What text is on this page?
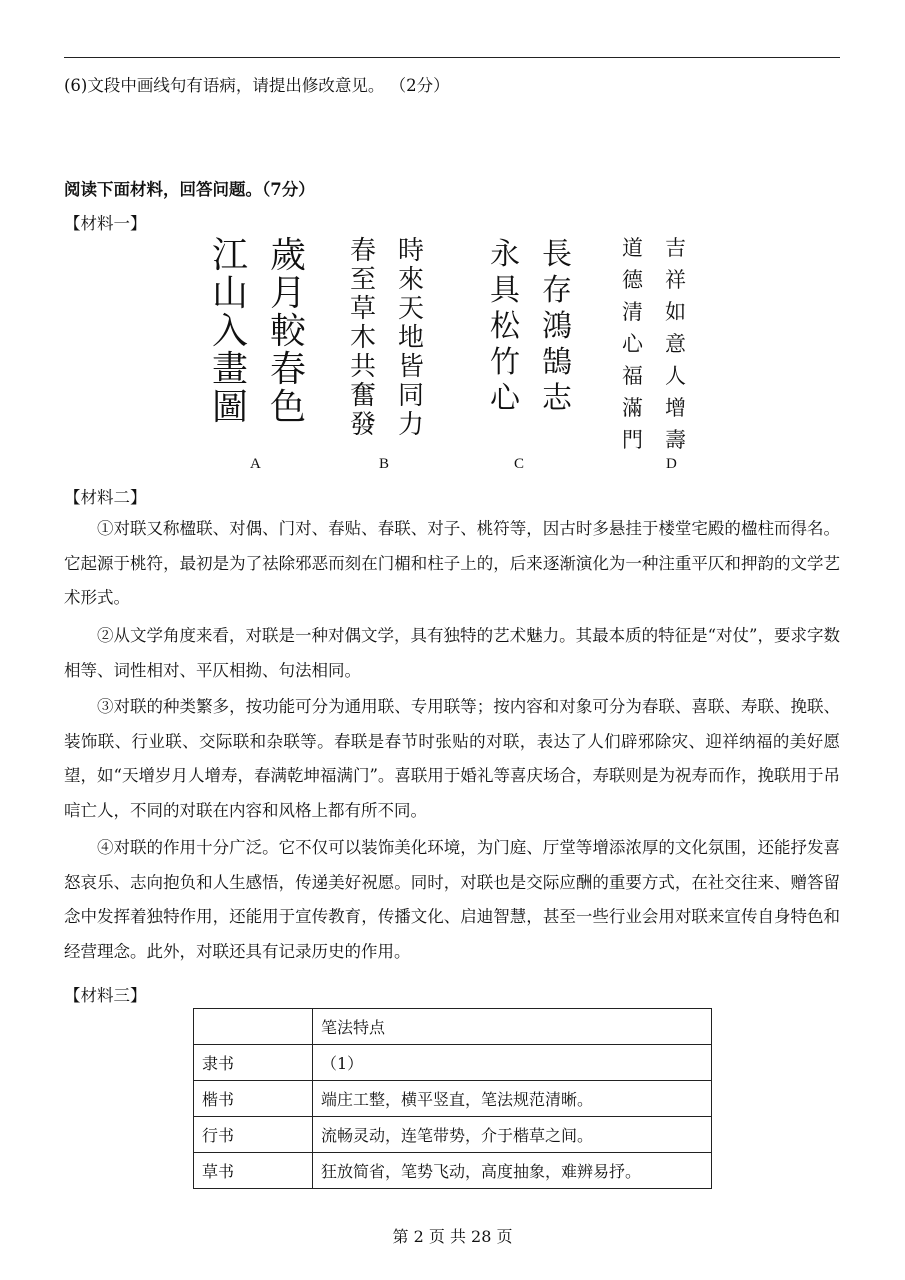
(6)文段中画线句有语病，请提出修改意见。 （2分）
阅读下面材料，回答问题。（7分）
【材料一】
歲
月
較
春
色
江
山
入
畫
圖
時
來
天
地
皆
同
力
春
至
草
木
共
奮
發
長
存
鴻
鵠
志
永
具
松
竹
心
吉
祥
如
意
人
增
壽
道
德
清
心
福
滿
門
A	B	C	D
【材料二】
①对联又称楹联、对偶、门对、春贴、春联、对子、桃符等，因古时多悬挂于楼堂宅殿的楹柱而得名。它起源于桃符，最初是为了祛除邪恶而刻在门楣和柱子上的，后来逐渐演化为一种注重平仄和押韵的文学艺术形式。
②从文学角度来看，对联是一种对偶文学，具有独特的艺术魅力。其最本质的特征是“对仗”，要求字数相等、词性相对、平仄相拗、句法相同。
③对联的种类繁多，按功能可分为通用联、专用联等；按内容和对象可分为春联、喜联、寿联、挽联、装饰联、行业联、交际联和杂联等。春联是春节时张贴的对联，表达了人们辟邪除灾、迎祥纳福的美好愿望，如“天增岁月人增寿，春满乾坤福满门”。喜联用于婚礼等喜庆场合，寿联则是为祝寿而作，挽联用于吊唁亡人，不同的对联在内容和风格上都有所不同。
④对联的作用十分广泛。它不仅可以装饰美化环境，为门庭、厅堂等增添浓厚的文化氛围，还能抒发喜怒哀乐、志向抱负和人生感悟，传递美好祝愿。同时，对联也是交际应酬的重要方式，在社交往来、赠答留念中发挥着独特作用，还能用于宣传教育，传播文化、启迪智慧，甚至一些行业会用对联来宣传自身特色和经营理念。此外，对联还具有记录历史的作用。
【材料三】
	笔法特点
隶书	（1）
楷书	端庄工整，横平竖直，笔法规范清晰。
行书	流畅灵动，连笔带势，介于楷草之间。
草书	狂放简省，笔势飞动，高度抽象，难辨易抒。
第 2 页 共 28 页
